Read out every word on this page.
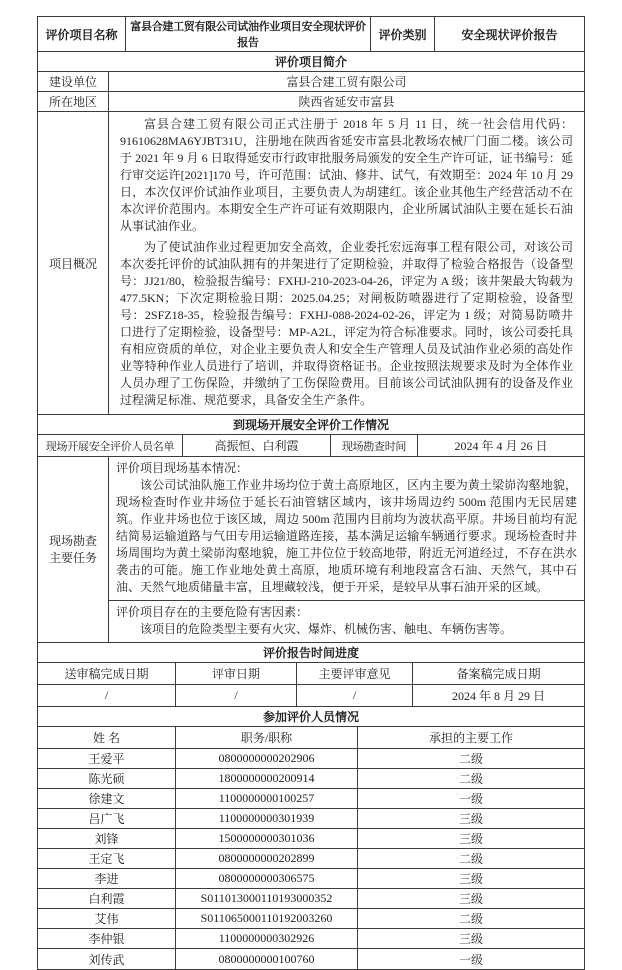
评价项目名称
富县合建工贸有限公司试油作业项目安全现状评价报告
评价类别	安全现状评价报告
评价项目简介
建设单位	富县合建工贸有限公司
所在地区	陕西省延安市富县
项目概况
富县合建工贸有限公司正式注册于 2018 年 5 月 11 日，统一社会信用代码：91610628MA6YJBT31U，注册地在陕西省延安市富县北教场农械厂门面二楼。该公司于 2021 年 9 月 6 日取得延安市行政审批服务局颁发的安全生产许可证，证书编号：延行审交运许[2021]170 号，许可范围：试油、修井、试气，有效期至：2024 年 10 月 29 日，本次仅评价试油作业项目，主要负责人为胡建红。该企业其他生产经营活动不在本次评价范围内。本期安全生产许可证有效期限内，企业所属试油队主要在延长石油从事试油作业。
为了使试油作业过程更加安全高效，企业委托宏远海事工程有限公司，对该公司本次委托评价的试油队拥有的井架进行了定期检验，并取得了检验合格报告（设备型号：JJ21/80，检验报告编号：FXHJ-210-2023-04-26，评定为 A 级；该井架最大钩载为 477.5KN；下次定期检验日期：2025.04.25；对闸板防喷器进行了定期检验，设备型号：2SFZ18-35，检验报告编号：FXHJ-088-2024-02-26，评定为 1 级；对简易防喷井口进行了定期检验，设备型号：MP-A2L，评定为符合标准要求。同时，该公司委托具有相应资质的单位，对企业主要负责人和安全生产管理人员及试油作业必须的高处作业等特种作业人员进行了培训，并取得资格证书。企业按照法规要求及时为全体作业人员办理了工伤保险，并缴纳了工伤保险费用。目前该公司试油队拥有的设备及作业过程满足标准、规范要求，具备安全生产条件。
到现场开展安全评价工作情况
现场开展安全评价人员名单	高振恒、白利霞	现场勘查时间	2024 年 4 月 26 日
现场勘查主要任务
评价项目现场基本情况：
该公司试油队施工作业井场均位于黄土高原地区，区内主要为黄土梁峁沟壑地貌，现场检查时作业井场位于延长石油管辖区域内，该井场周边约 500m 范围内无民居建筑。作业井场也位于该区域，周边 500m 范围内目前均为波状高平原。井场目前均有泥结简易运输道路与气田专用运输道路连接，基本满足运输车辆通行要求。现场检查时井场周围均为黄土梁峁沟壑地貌，施工井位位于较高地带，附近无河道经过，不存在洪水袭击的可能。施工作业地处黄土高原，地质环境有利地段富含石油、天然气，其中石油、天然气地质储量丰富，且埋藏较浅，便于开采，是较早从事石油开采的区域。
评价项目存在的主要危险有害因素：
该项目的危险类型主要有火灾、爆炸、机械伤害、触电、车辆伤害等。
评价报告时间进度
送审稿完成日期	评审日期	主要评审意见	备案稿完成日期
/	/	/	2024 年 8 月 29 日
参加评价人员情况
姓 名	职务/职称	承担的主要工作
王爱平	0800000000202906	二级
陈光硕	1800000000200914	二级
徐建文	1100000000100257	一级
吕广飞	1100000000301939	三级
刘锋	1500000000301036	三级
王定飞	0800000000202899	二级
李进	0800000000306575	三级
白利霞	S011013000110193000352	三级
艾伟	S011065000110192003260	二级
李仲银	1100000000302926	三级
刘传武	0800000000100760	一级
